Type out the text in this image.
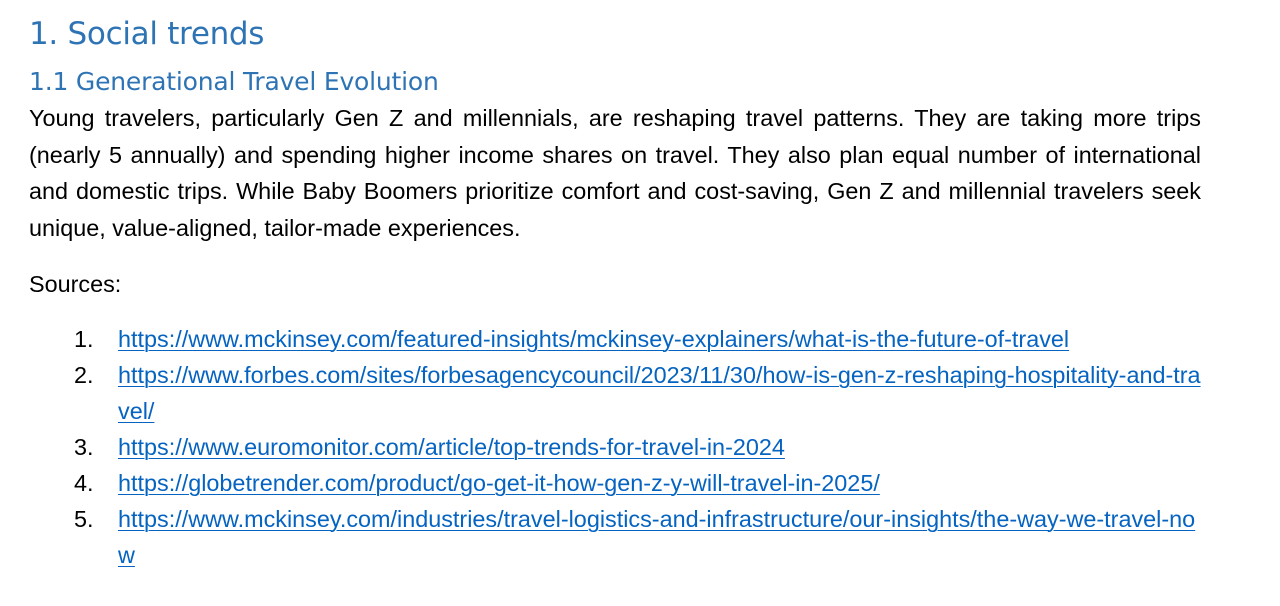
1. Social trends
1.1 Generational Travel Evolution

Young travelers, particularly Gen Z and millennials, are reshaping travel patterns. They are taking more trips (nearly 5 annually) and spending higher income shares on travel. They also plan equal number of international and domestic trips. While Baby Boomers prioritize comfort and cost-saving, Gen Z and millennial travelers seek unique, value-aligned, tailor-made experiences.

Sources:

1. https://www.mckinsey.com/featured-insights/mckinsey-explainers/what-is-the-future-of-travel
2. https://www.forbes.com/sites/forbesagencycouncil/2023/11/30/how-is-gen-z-reshaping-hospitality-and-travel/
3. https://www.euromonitor.com/article/top-trends-for-travel-in-2024
4. https://globetrender.com/product/go-get-it-how-gen-z-y-will-travel-in-2025/
5. https://www.mckinsey.com/industries/travel-logistics-and-infrastructure/our-insights/the-way-we-travel-now
